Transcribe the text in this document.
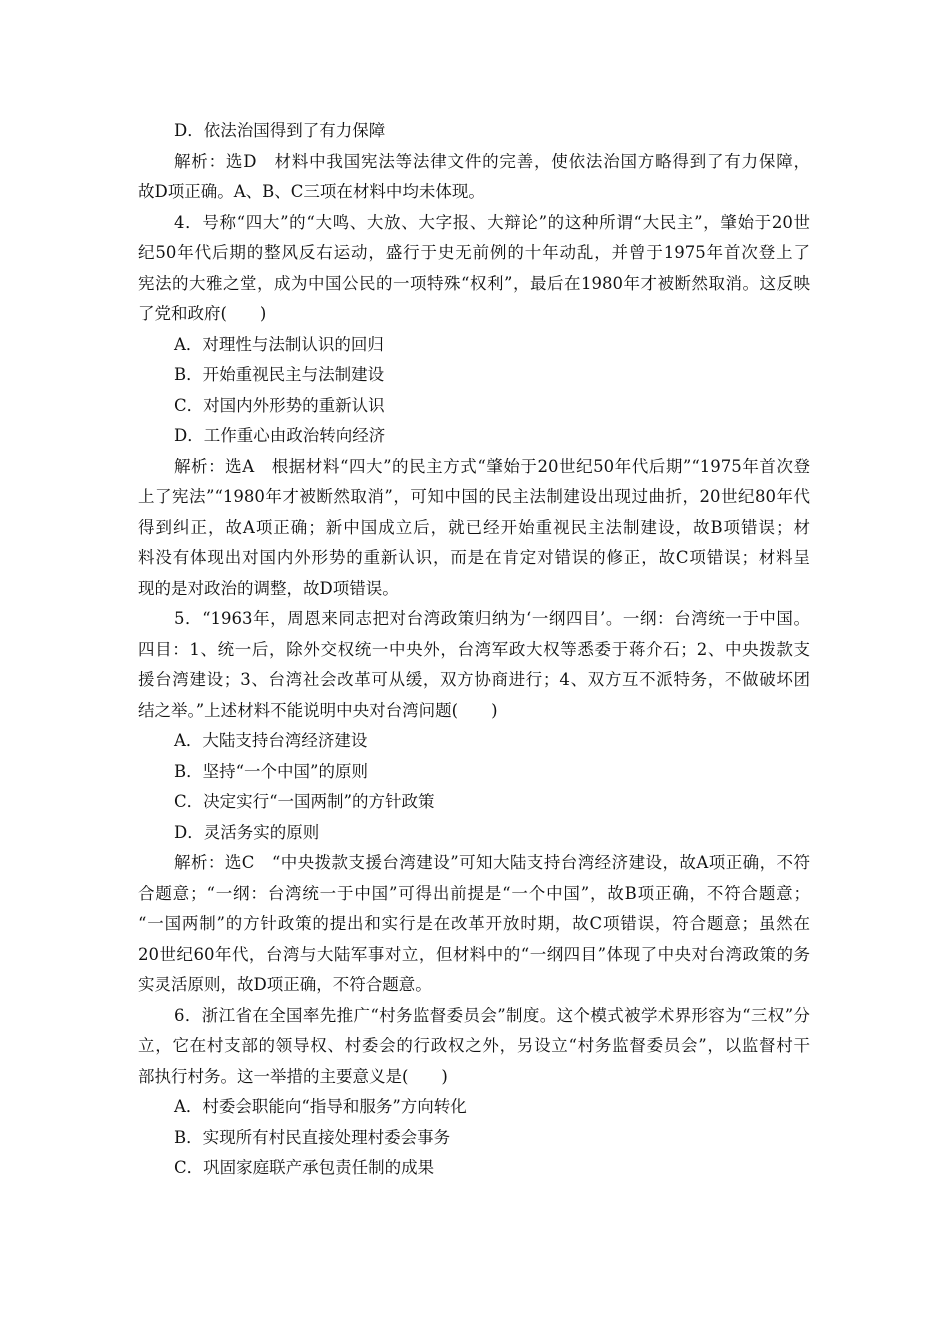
D．依法治国得到了有力保障

解析：选D　材料中我国宪法等法律文件的完善，使依法治国方略得到了有力保障，

故D项正确。A、B、C三项在材料中均未体现。

4．号称“四大”的“大鸣、大放、大字报、大辩论”的这种所谓“大民主”，肇始于20世

纪50年代后期的整风反右运动，盛行于史无前例的十年动乱，并曾于1975年首次登上了

宪法的大雅之堂，成为中国公民的一项特殊“权利”，最后在1980年才被断然取消。这反映

了党和政府(　　)

A．对理性与法制认识的回归

B．开始重视民主与法制建设

C．对国内外形势的重新认识

D．工作重心由政治转向经济

解析：选A　根据材料“四大”的民主方式“肇始于20世纪50年代后期”“1975年首次登

上了宪法”“1980年才被断然取消”，可知中国的民主法制建设出现过曲折，20世纪80年代

得到纠正，故A项正确；新中国成立后，就已经开始重视民主法制建设，故B项错误；材

料没有体现出对国内外形势的重新认识，而是在肯定对错误的修正，故C项错误；材料呈

现的是对政治的调整，故D项错误。

5．“1963年，周恩来同志把对台湾政策归纳为‘一纲四目’。一纲：台湾统一于中国。

四目：1、统一后，除外交权统一中央外，台湾军政大权等悉委于蒋介石；2、中央拨款支

援台湾建设；3、台湾社会改革可从缓，双方协商进行；4、双方互不派特务，不做破坏团

结之举。”上述材料不能说明中央对台湾问题(　　)

A．大陆支持台湾经济建设

B．坚持“一个中国”的原则

C．决定实行“一国两制”的方针政策

D．灵活务实的原则

解析：选C　“中央拨款支援台湾建设”可知大陆支持台湾经济建设，故A项正确，不符

合题意；“一纲：台湾统一于中国”可得出前提是“一个中国”，故B项正确，不符合题意；

“一国两制”的方针政策的提出和实行是在改革开放时期，故C项错误，符合题意；虽然在

20世纪60年代，台湾与大陆军事对立，但材料中的“一纲四目”体现了中央对台湾政策的务

实灵活原则，故D项正确，不符合题意。

6．浙江省在全国率先推广“村务监督委员会”制度。这个模式被学术界形容为“三权”分

立，它在村支部的领导权、村委会的行政权之外，另设立“村务监督委员会”，以监督村干

部执行村务。这一举措的主要意义是(　　)

A．村委会职能向“指导和服务”方向转化

B．实现所有村民直接处理村委会事务

C．巩固家庭联产承包责任制的成果
